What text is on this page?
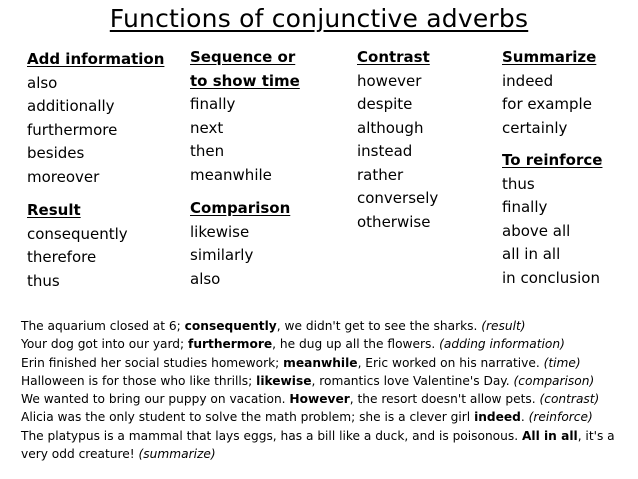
Functions of conjunctive adverbs
Add information
also
additionally
furthermore
besides
moreover
Result
consequently
therefore
thus
Sequence or
to show time
finally
next
then
meanwhile
Comparison
likewise
similarly
also
Contrast
however
despite
although
instead
rather
conversely
otherwise
Summarize
indeed
for example
certainly
To reinforce
thus
finally
above all
all in all
in conclusion
The aquarium closed at 6; consequently, we didn't get to see the sharks. (result)
Your dog got into our yard; furthermore, he dug up all the flowers. (adding information)
Erin finished her social studies homework; meanwhile, Eric worked on his narrative. (time)
Halloween is for those who like thrills; likewise, romantics love Valentine's Day. (comparison)
We wanted to bring our puppy on vacation. However, the resort doesn't allow pets. (contrast)
Alicia was the only student to solve the math problem; she is a clever girl indeed. (reinforce)
The platypus is a mammal that lays eggs, has a bill like a duck, and is poisonous. All in all, it's a
very odd creature! (summarize)
